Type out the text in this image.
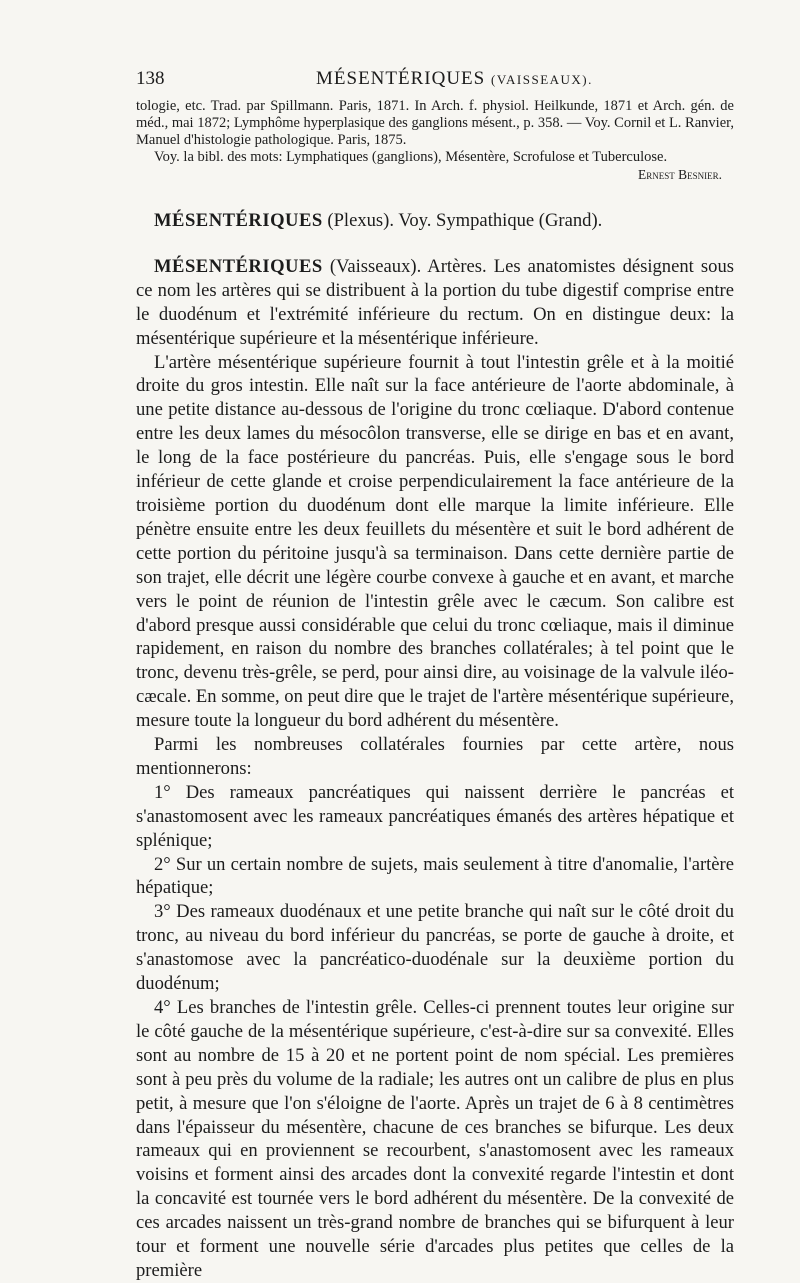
138	MÉSENTÉRIQUES (VAISSEAUX).

tologie, etc. Trad. par Spillmann. Paris, 1871. In Arch. f. physiol. Heilkunde, 1871 et Arch. gén. de méd., mai 1872; Lymphôme hyperplasique des ganglions mésent., p. 358. — Voy. Cornil et L. Ranvier, Manuel d'histologie pathologique. Paris, 1875.

Voy. la bibl. des mots: Lymphatiques (ganglions), Mésentère, Scrofulose et Tuberculose.

Ernest Besnier.

MÉSENTÉRIQUES (Plexus). Voy. Sympathique (Grand).

MÉSENTÉRIQUES (Vaisseaux). Artères. Les anatomistes désignent sous ce nom les artères qui se distribuent à la portion du tube digestif comprise entre le duodénum et l'extrémité inférieure du rectum. On en distingue deux: la mésentérique supérieure et la mésentérique inférieure.

L'artère mésentérique supérieure fournit à tout l'intestin grêle et à la moitié droite du gros intestin. Elle naît sur la face antérieure de l'aorte abdominale, à une petite distance au-dessous de l'origine du tronc cœliaque. D'abord contenue entre les deux lames du mésocôlon transverse, elle se dirige en bas et en avant, le long de la face postérieure du pancréas. Puis, elle s'engage sous le bord inférieur de cette glande et croise perpendiculairement la face antérieure de la troisième portion du duodénum dont elle marque la limite inférieure. Elle pénètre ensuite entre les deux feuillets du mésentère et suit le bord adhérent de cette portion du péritoine jusqu'à sa terminaison. Dans cette dernière partie de son trajet, elle décrit une légère courbe convexe à gauche et en avant, et marche vers le point de réunion de l'intestin grêle avec le cæcum. Son calibre est d'abord presque aussi considérable que celui du tronc cœliaque, mais il diminue rapidement, en raison du nombre des branches collatérales; à tel point que le tronc, devenu très-grêle, se perd, pour ainsi dire, au voisinage de la valvule iléo-cæcale. En somme, on peut dire que le trajet de l'artère mésentérique supérieure, mesure toute la longueur du bord adhérent du mésentère.

Parmi les nombreuses collatérales fournies par cette artère, nous mentionnerons:

1° Des rameaux pancréatiques qui naissent derrière le pancréas et s'anastomosent avec les rameaux pancréatiques émanés des artères hépatique et splénique;

2° Sur un certain nombre de sujets, mais seulement à titre d'anomalie, l'artère hépatique;

3° Des rameaux duodénaux et une petite branche qui naît sur le côté droit du tronc, au niveau du bord inférieur du pancréas, se porte de gauche à droite, et s'anastomose avec la pancréatico-duodénale sur la deuxième portion du duodénum;

4° Les branches de l'intestin grêle. Celles-ci prennent toutes leur origine sur le côté gauche de la mésentérique supérieure, c'est-à-dire sur sa convexité. Elles sont au nombre de 15 à 20 et ne portent point de nom spécial. Les premières sont à peu près du volume de la radiale; les autres ont un calibre de plus en plus petit, à mesure que l'on s'éloigne de l'aorte. Après un trajet de 6 à 8 centimètres dans l'épaisseur du mésentère, chacune de ces branches se bifurque. Les deux rameaux qui en proviennent se recourbent, s'anastomosent avec les rameaux voisins et forment ainsi des arcades dont la convexité regarde l'intestin et dont la concavité est tournée vers le bord adhérent du mésentère. De la convexité de ces arcades naissent un très-grand nombre de branches qui se bifurquent à leur tour et forment une nouvelle série d'arcades plus petites que celles de la première
